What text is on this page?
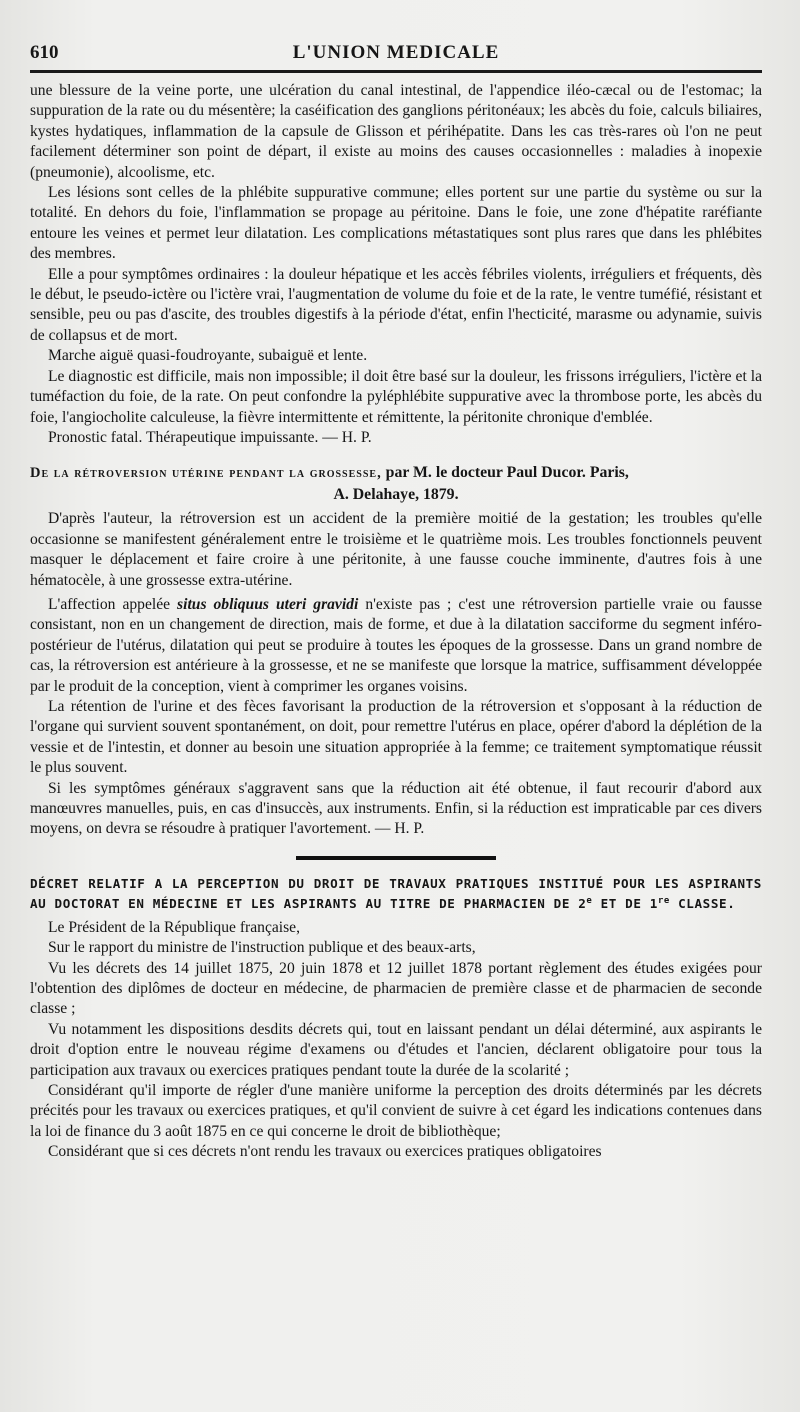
610	L'UNION MEDICALE

une blessure de la veine porte, une ulcération du canal intestinal, de l'appendice iléo-cæcal ou de l'estomac; la suppuration de la rate ou du mésentère; la caséification des ganglions péritonéaux; les abcès du foie, calculs biliaires, kystes hydatiques, inflammation de la capsule de Glisson et périhépatite. Dans les cas très-rares où l'on ne peut facilement déterminer son point de départ, il existe au moins des causes occasionnelles : maladies à inopexie (pneumonie), alcoolisme, etc.

Les lésions sont celles de la phlébite suppurative commune; elles portent sur une partie du système ou sur la totalité. En dehors du foie, l'inflammation se propage au péritoine. Dans le foie, une zone d'hépatite raréfiante entoure les veines et permet leur dilatation. Les complications métastatiques sont plus rares que dans les phlébites des membres.

Elle a pour symptômes ordinaires : la douleur hépatique et les accès fébriles violents, irréguliers et fréquents, dès le début, le pseudo-ictère ou l'ictère vrai, l'augmentation de volume du foie et de la rate, le ventre tuméfié, résistant et sensible, peu ou pas d'ascite, des troubles digestifs à la période d'état, enfin l'hecticité, marasme ou adynamie, suivis de collapsus et de mort.

Marche aiguë quasi-foudroyante, subaiguë et lente.

Le diagnostic est difficile, mais non impossible; il doit être basé sur la douleur, les frissons irréguliers, l'ictère et la tuméfaction du foie, de la rate. On peut confondre la pyléphlébite suppurative avec la thrombose porte, les abcès du foie, l'angiocholite calculeuse, la fièvre intermittente et rémittente, la péritonite chronique d'emblée.

Pronostic fatal. Thérapeutique impuissante. — H. P.

De la rétroversion utérine pendant la grossesse, par M. le docteur Paul Ducor. Paris,
A. Delahaye, 1879.

D'après l'auteur, la rétroversion est un accident de la première moitié de la gestation; les troubles qu'elle occasionne se manifestent généralement entre le troisième et le quatrième mois. Les troubles fonctionnels peuvent masquer le déplacement et faire croire à une péritonite, à une fausse couche imminente, d'autres fois à une hématocèle, à une grossesse extra-utérine.

L'affection appelée situs obliquus uteri gravidi n'existe pas ; c'est une rétroversion partielle vraie ou fausse consistant, non en un changement de direction, mais de forme, et due à la dilatation sacciforme du segment inféro-postérieur de l'utérus, dilatation qui peut se produire à toutes les époques de la grossesse. Dans un grand nombre de cas, la rétroversion est antérieure à la grossesse, et ne se manifeste que lorsque la matrice, suffisamment développée par le produit de la conception, vient à comprimer les organes voisins.

La rétention de l'urine et des fèces favorisant la production de la rétroversion et s'opposant à la réduction de l'organe qui survient souvent spontanément, on doit, pour remettre l'utérus en place, opérer d'abord la déplétion de la vessie et de l'intestin, et donner au besoin une situation appropriée à la femme; ce traitement symptomatique réussit le plus souvent.

Si les symptômes généraux s'aggravent sans que la réduction ait été obtenue, il faut recourir d'abord aux manœuvres manuelles, puis, en cas d'insuccès, aux instruments. Enfin, si la réduction est impraticable par ces divers moyens, on devra se résoudre à pratiquer l'avortement. — H. P.

DÉCRET RELATIF A LA PERCEPTION DU DROIT DE TRAVAUX PRATIQUES INSTITUÉ POUR LES ASPIRANTS AU DOCTORAT EN MÉDECINE ET LES ASPIRANTS AU TITRE DE PHARMACIEN DE 2e ET DE 1re CLASSE.

Le Président de la République française,

Sur le rapport du ministre de l'instruction publique et des beaux-arts,

Vu les décrets des 14 juillet 1875, 20 juin 1878 et 12 juillet 1878 portant règlement des études exigées pour l'obtention des diplômes de docteur en médecine, de pharmacien de première classe et de pharmacien de seconde classe ;

Vu notamment les dispositions desdits décrets qui, tout en laissant pendant un délai déterminé, aux aspirants le droit d'option entre le nouveau régime d'examens ou d'études et l'ancien, déclarent obligatoire pour tous la participation aux travaux ou exercices pratiques pendant toute la durée de la scolarité ;

Considérant qu'il importe de régler d'une manière uniforme la perception des droits déterminés par les décrets précités pour les travaux ou exercices pratiques, et qu'il convient de suivre à cet égard les indications contenues dans la loi de finance du 3 août 1875 en ce qui concerne le droit de bibliothèque;

Considérant que si ces décrets n'ont rendu les travaux ou exercices pratiques obligatoires
